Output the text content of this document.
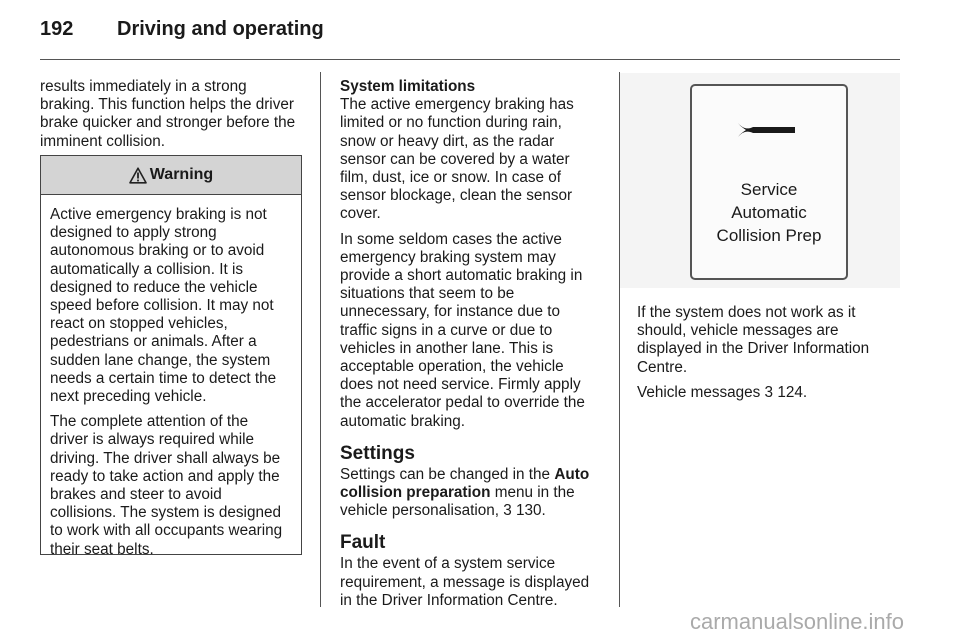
192 Driving and operating

results immediately in a strong
braking. This function helps the driver
brake quicker and stronger before the
imminent collision.

Warning

Active emergency braking is not
designed to apply strong
autonomous braking or to avoid
automatically a collision. It is
designed to reduce the vehicle
speed before collision. It may not
react on stopped vehicles,
pedestrians or animals. After a
sudden lane change, the system
needs a certain time to detect the
next preceding vehicle.

The complete attention of the
driver is always required while
driving. The driver shall always be
ready to take action and apply the
brakes and steer to avoid
collisions. The system is designed
to work with all occupants wearing
their seat belts.

System limitations
The active emergency braking has
limited or no function during rain,
snow or heavy dirt, as the radar
sensor can be covered by a water
film, dust, ice or snow. In case of
sensor blockage, clean the sensor
cover.

In some seldom cases the active
emergency braking system may
provide a short automatic braking in
situations that seem to be
unnecessary, for instance due to
traffic signs in a curve or due to
vehicles in another lane. This is
acceptable operation, the vehicle
does not need service. Firmly apply
the accelerator pedal to override the
automatic braking.

Settings

Settings can be changed in the Auto
collision preparation menu in the
vehicle personalisation, 3 130.

Fault

In the event of a system service
requirement, a message is displayed
in the Driver Information Centre.

Service
Automatic
Collision Prep

If the system does not work as it
should, vehicle messages are
displayed in the Driver Information
Centre.

Vehicle messages 3 124.

carmanualsonline.info
